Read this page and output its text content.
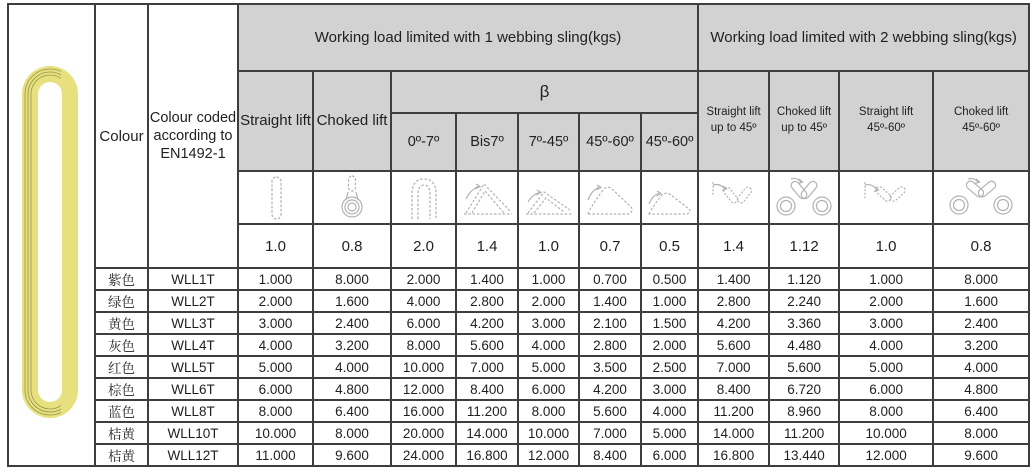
	Colour	Colour coded according to EN1492-1	Working load limited with 1 webbing sling(kgs)							Working load limited with 2 webbing sling(kgs)			
			Straight lift	Choked lift	β					Straight lift up to 45º	Choked lift up to 45º	Straight lift 45º-60º	Choked lift 45º-60º
					0º-7º	Bis7º	7º-45º	45º-60º	45º-60º				

			1.0	0.8	2.0	1.4	1.0	0.7	0.5	1.4	1.12	1.0	0.8
	紫色	WLL1T	1.000	8.000	2.000	1.400	1.000	0.700	0.500	1.400	1.120	1.000	8.000
	绿色	WLL2T	2.000	1.600	4.000	2.800	2.000	1.400	1.000	2.800	2.240	2.000	1.600
	黄色	WLL3T	3.000	2.400	6.000	4.200	3.000	2.100	1.500	4.200	3.360	3.000	2.400
	灰色	WLL4T	4.000	3.200	8.000	5.600	4.000	2.800	2.000	5.600	4.480	4.000	3.200
	红色	WLL5T	5.000	4.000	10.000	7.000	5.000	3.500	2.500	7.000	5.600	5.000	4.000
	棕色	WLL6T	6.000	4.800	12.000	8.400	6.000	4.200	3.000	8.400	6.720	6.000	4.800
	蓝色	WLL8T	8.000	6.400	16.000	11.200	8.000	5.600	4.000	11.200	8.960	8.000	6.400
	桔黄	WLL10T	10.000	8.000	20.000	14.000	10.000	7.000	5.000	14.000	11.200	10.000	8.000
	桔黄	WLL12T	11.000	9.600	24.000	16.800	12.000	8.400	6.000	16.800	13.440	12.000	9.600
